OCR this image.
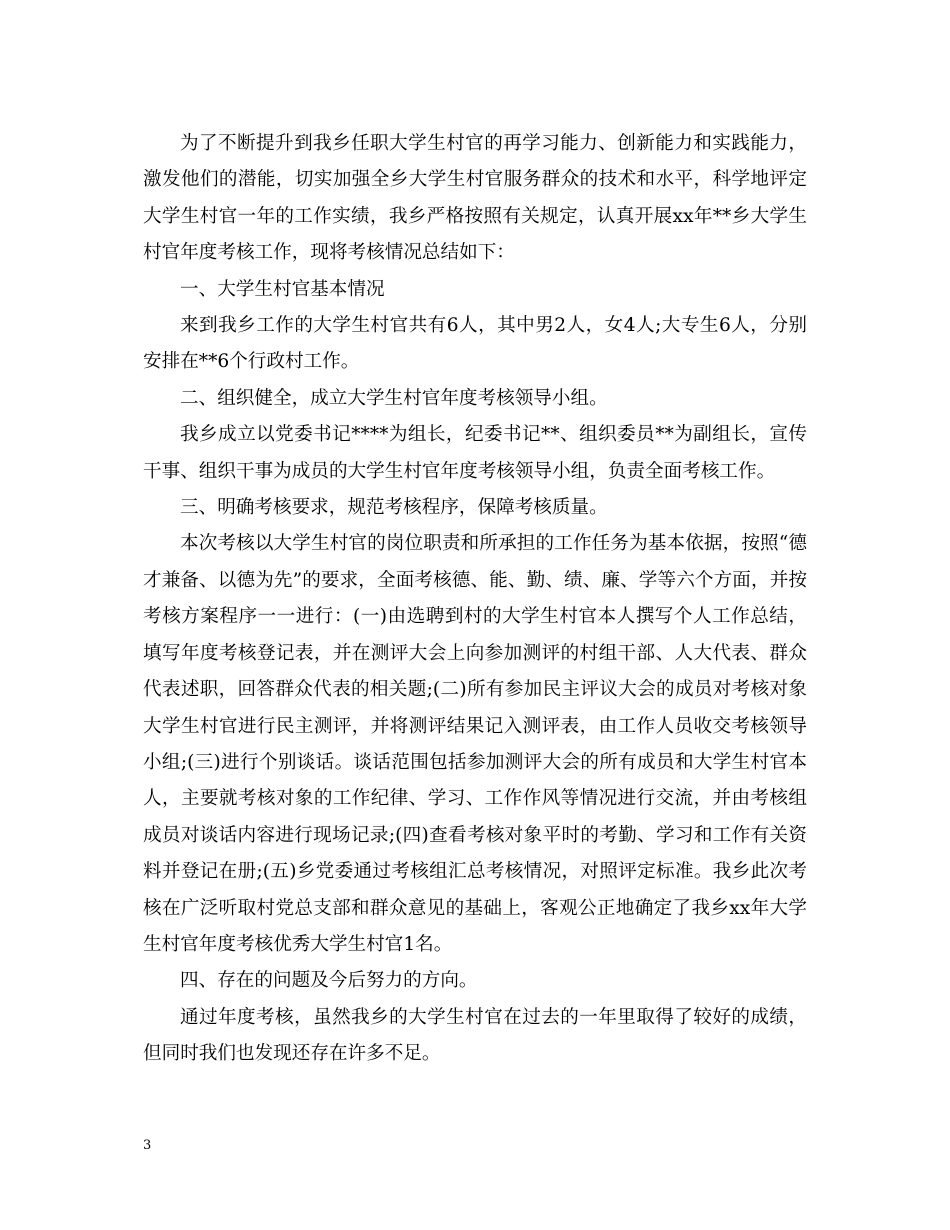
为了不断提升到我乡任职大学生村官的再学习能力、创新能力和实践能力，激发他们的潜能，切实加强全乡大学生村官服务群众的技术和水平，科学地评定大学生村官一年的工作实绩，我乡严格按照有关规定，认真开展xx年**乡大学生村官年度考核工作，现将考核情况总结如下：

一、大学生村官基本情况

来到我乡工作的大学生村官共有6人，其中男2人，女4人;大专生6人，分别安排在**6个行政村工作。

二、组织健全，成立大学生村官年度考核领导小组。

我乡成立以党委书记****为组长，纪委书记**、组织委员**为副组长，宣传干事、组织干事为成员的大学生村官年度考核领导小组，负责全面考核工作。

三、明确考核要求，规范考核程序，保障考核质量。

本次考核以大学生村官的岗位职责和所承担的工作任务为基本依据，按照“德才兼备、以德为先”的要求，全面考核德、能、勤、绩、廉、学等六个方面，并按考核方案程序一一进行：(一)由选聘到村的大学生村官本人撰写个人工作总结，填写年度考核登记表，并在测评大会上向参加测评的村组干部、人大代表、群众代表述职，回答群众代表的相关题;(二)所有参加民主评议大会的成员对考核对象大学生村官进行民主测评，并将测评结果记入测评表，由工作人员收交考核领导小组;(三)进行个别谈话。谈话范围包括参加测评大会的所有成员和大学生村官本人，主要就考核对象的工作纪律、学习、工作作风等情况进行交流，并由考核组成员对谈话内容进行现场记录;(四)查看考核对象平时的考勤、学习和工作有关资料并登记在册;(五)乡党委通过考核组汇总考核情况，对照评定标准。我乡此次考核在广泛听取村党总支部和群众意见的基础上，客观公正地确定了我乡xx年大学生村官年度考核优秀大学生村官1名。

四、存在的问题及今后努力的方向。

通过年度考核，虽然我乡的大学生村官在过去的一年里取得了较好的成绩，但同时我们也发现还存在许多不足。

3
